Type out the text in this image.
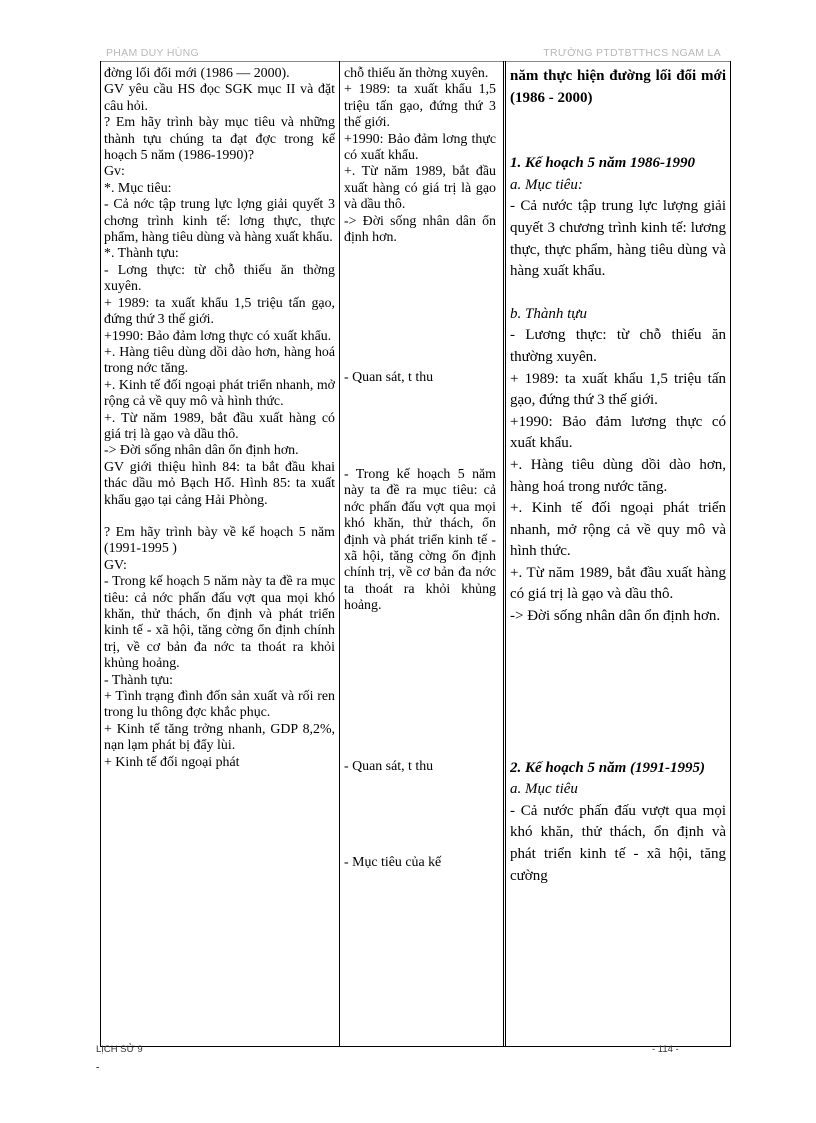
PHẠM DUY HÙNG	TRƯỜNG PTDTBTTHCS NGAM LA

đờng lối đổi mới (1986 — 2000).

GV yêu cầu HS đọc SGK mục II và đặt câu hỏi.

? Em hãy trình bày mục tiêu và những thành tựu chúng ta đạt đợc trong kế hoạch 5 năm (1986-1990)?

Gv:

*. Mục tiêu:

- Cả nớc tập trung lực lợng giải quyết 3 chơng trình kinh tế: lơng thực, thực phẩm, hàng tiêu dùng và hàng xuất khẩu.

*. Thành tựu:

- Lơng thực: từ chỗ thiếu ăn thờng xuyên.

+ 1989: ta xuất khẩu 1,5 triệu tấn gạo, đứng thứ 3 thế giới.

+1990: Bảo đảm lơng thực có xuất khẩu.

+. Hàng tiêu dùng dồi dào hơn, hàng hoá trong nớc tăng.

+. Kinh tế đối ngoại phát triển nhanh, mở rộng cả về quy mô và hình thức.

+. Từ năm 1989, bắt đầu xuất hàng có giá trị là gạo và dầu thô.

-> Đời sống nhân dân ổn định hơn.

GV giới thiệu hình 84: ta bắt đầu khai thác dầu mỏ Bạch Hổ. Hình 85: ta xuất khẩu gạo tại cảng Hải Phòng.

? Em hãy trình bày về kế hoạch 5 năm (1991-1995 )

GV:

- Trong kế hoạch 5 năm này ta đề ra mục tiêu: cả nớc phấn đấu vợt qua mọi khó khăn, thử thách, ổn định và phát triển kinh tế - xã hội, tăng cờng ổn định chính trị, về cơ bản đa nớc ta thoát ra khỏi khủng hoảng.

- Thành tựu:

+ Tình trạng đình đốn sản xuất và rối ren trong lu thông đợc khắc phục.

+ Kinh tế tăng trởng nhanh, GDP 8,2%, nạn lạm phát bị đẩy lùi.

+ Kinh tế đối ngoại phát

chỗ thiếu ăn thờng xuyên.

+ 1989: ta xuất khẩu 1,5 triệu tấn gạo, đứng thứ 3 thế giới.

+1990: Bảo đảm lơng thực có xuất khẩu.

+. Từ năm 1989, bắt đầu xuất hàng có giá trị là gạo và dầu thô.

-> Đời sống nhân dân ổn định hơn.

- Quan sát, t thu

- Trong kế hoạch 5 năm này ta đề ra mục tiêu: cả nớc phấn đấu vợt qua mọi khó khăn, thử thách, ổn định và phát triển kinh tế - xã hội, tăng cờng ổn định chính trị, về cơ bản đa nớc ta thoát ra khỏi khủng hoảng.

- Quan sát, t thu

- Mục tiêu của kế

năm thực hiện đường lối đổi mới (1986 - 2000)

1. Kế hoạch 5 năm 1986-1990

a. Mục tiêu:

- Cả nước tập trung lực lượng giải quyết 3 chương trình kinh tế: lương thực, thực phẩm, hàng tiêu dùng và hàng xuất khẩu.

b. Thành tựu

- Lương thực: từ chỗ thiếu ăn thường xuyên.

+ 1989: ta xuất khẩu 1,5 triệu tấn gạo, đứng thứ 3 thế giới.

+1990: Bảo đảm lương thực có xuất khẩu.

+. Hàng tiêu dùng dồi dào hơn, hàng hoá trong nước tăng.

+. Kinh tế đối ngoại phát triển nhanh, mở rộng cả về quy mô và hình thức.

+. Từ năm 1989, bắt đầu xuất hàng có giá trị là gạo và dầu thô.

-> Đời sống nhân dân ổn định hơn.

2. Kế hoạch 5 năm (1991-1995)

a. Mục tiêu

- Cả nước phấn đấu vượt qua mọi khó khăn, thử thách, ổn định và phát triển kinh tế - xã hội, tăng cường

LỊCH SỬ 9	- 114 -
-
